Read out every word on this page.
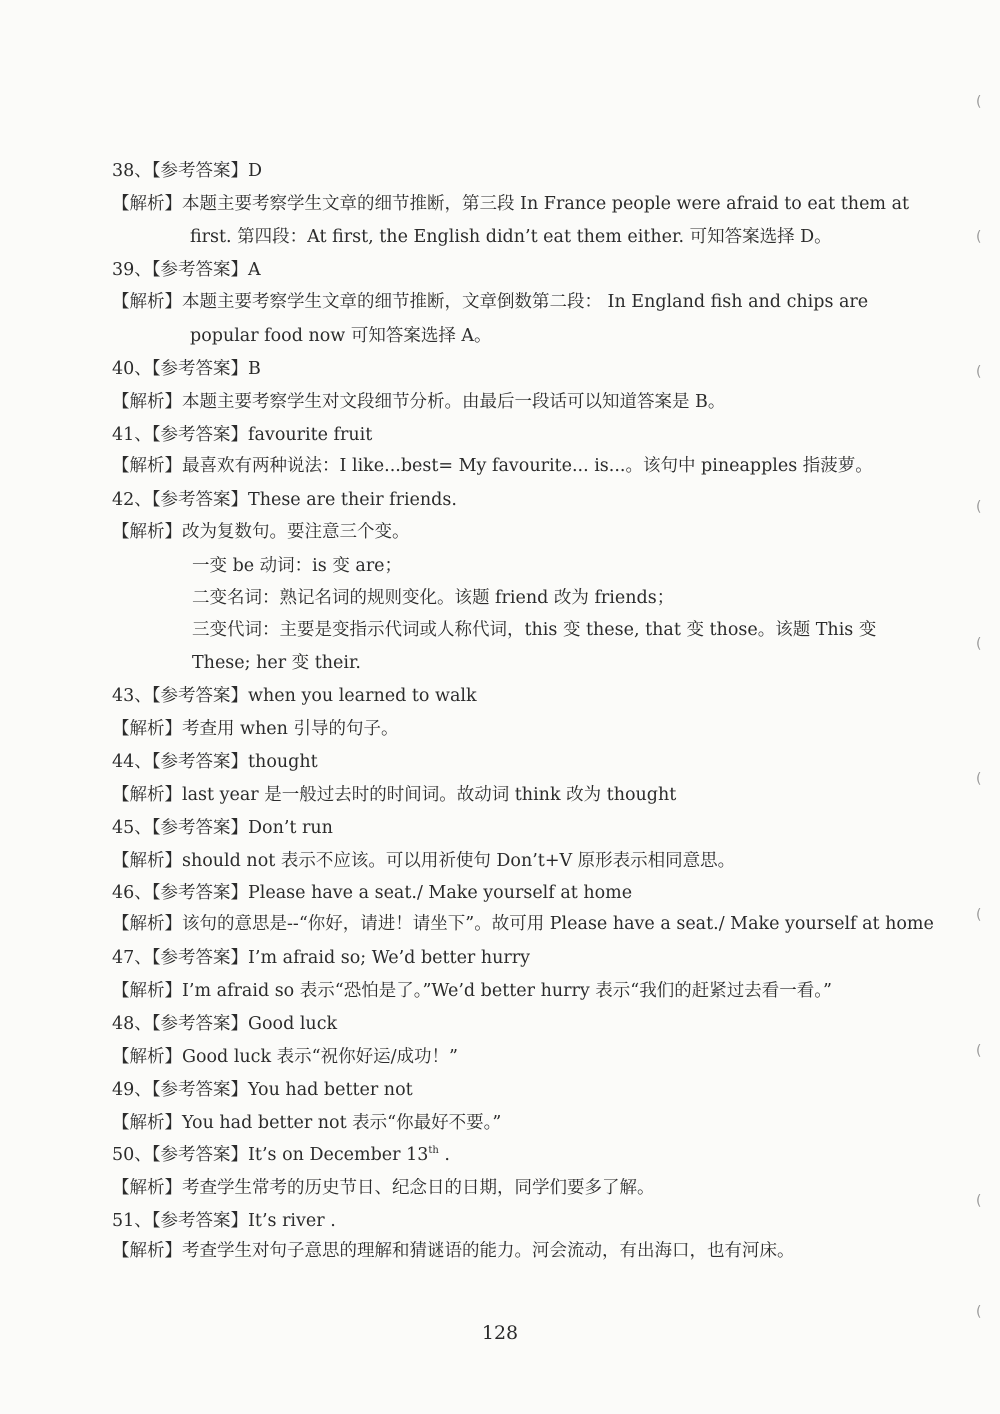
38、【参考答案】D
【解析】本题主要考察学生文章的细节推断，第三段 In France people were afraid to eat them at
first. 第四段：At first, the English didn’t eat them either. 可知答案选择 D。
39、【参考答案】A
【解析】本题主要考察学生文章的细节推断，文章倒数第二段： In England fish and chips are
popular food now 可知答案选择 A。
40、【参考答案】B
【解析】本题主要考察学生对文段细节分析。由最后一段话可以知道答案是 B。
41、【参考答案】favourite fruit
【解析】最喜欢有两种说法：I like...best= My favourite... is...。该句中 pineapples 指菠萝。
42、【参考答案】These are their friends.
【解析】改为复数句。要注意三个变。
一变 be 动词：is 变 are；
二变名词：熟记名词的规则变化。该题 friend 改为 friends；
三变代词：主要是变指示代词或人称代词，this 变 these, that 变 those。该题 This 变
These; her 变 their.
43、【参考答案】when you learned to walk
【解析】考查用 when 引导的句子。
44、【参考答案】thought
【解析】last year 是一般过去时的时间词。故动词 think 改为 thought
45、【参考答案】Don’t run
【解析】should not 表示不应该。可以用祈使句 Don’t+V 原形表示相同意思。
46、【参考答案】Please have a seat./ Make yourself at home
【解析】该句的意思是--“你好，请进！请坐下”。故可用 Please have a seat./ Make yourself at home
47、【参考答案】I’m afraid so; We’d better hurry
【解析】I’m afraid so 表示“恐怕是了。”We’d better hurry 表示“我们的赶紧过去看一看。”
48、【参考答案】Good luck
【解析】Good luck 表示“祝你好运/成功！”
49、【参考答案】You had better not
【解析】You had better not 表示“你最好不要。”
50、【参考答案】It’s on December 13th .
【解析】考查学生常考的历史节日、纪念日的日期，同学们要多了解。
51、【参考答案】It’s river .
【解析】考查学生对句子意思的理解和猜谜语的能力。河会流动，有出海口，也有河床。
128
(
(
(
(
(
(
(
(
(
(
